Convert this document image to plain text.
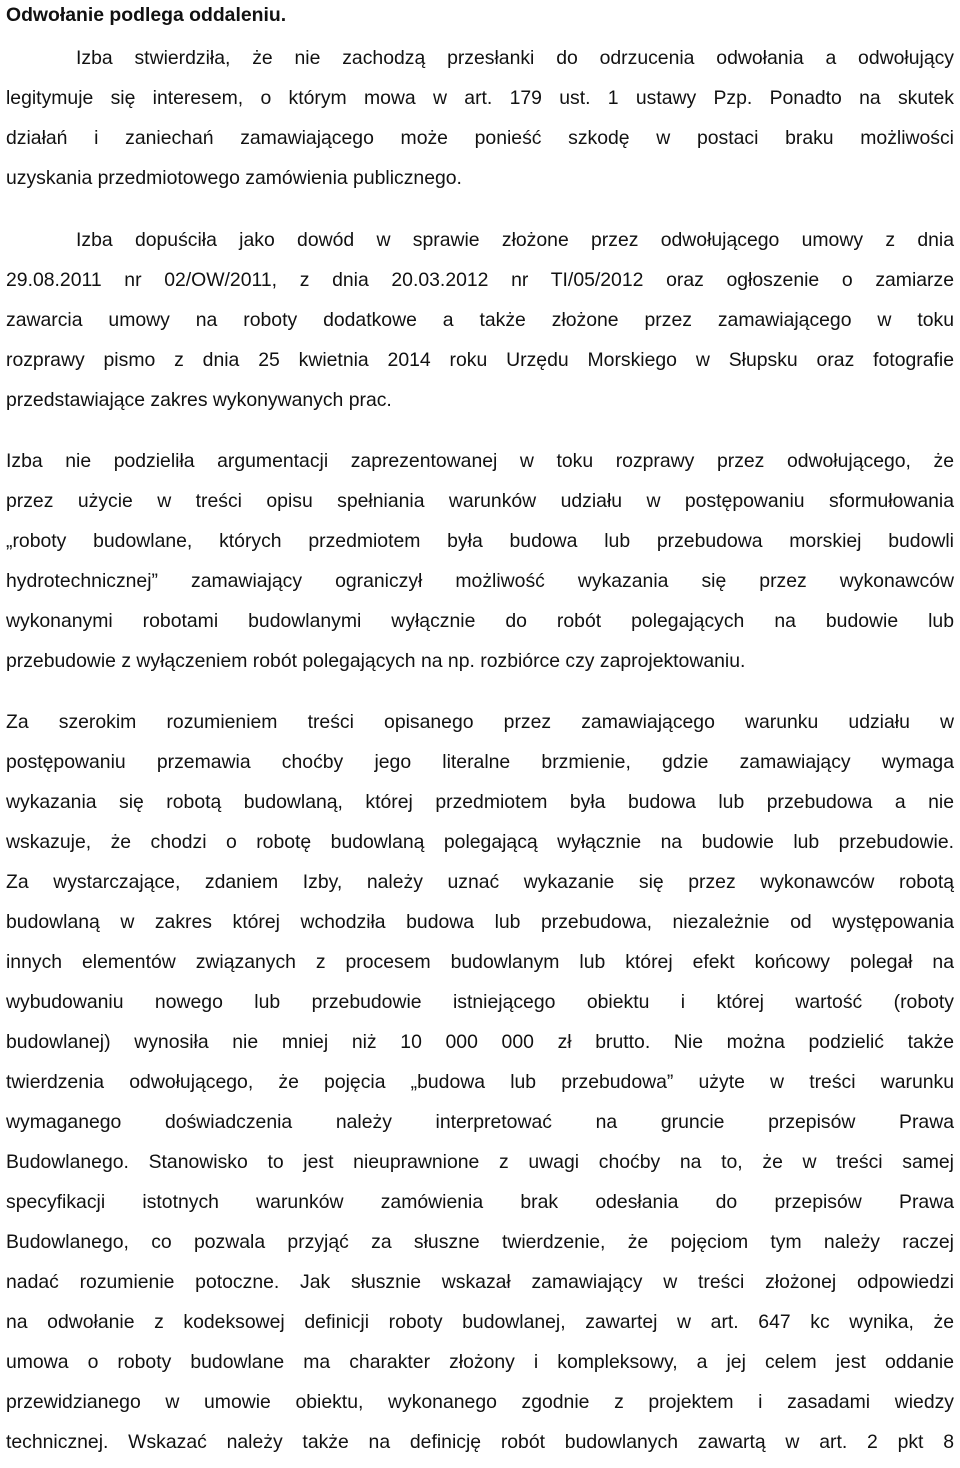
Odwołanie podlega oddaleniu.
Izba stwierdziła, że nie zachodzą przesłanki do odrzucenia odwołania a odwołujący
legitymuje się interesem, o którym mowa w art. 179 ust. 1 ustawy Pzp. Ponadto na skutek
działań i zaniechań zamawiającego może ponieść szkodę w postaci braku możliwości
uzyskania przedmiotowego zamówienia publicznego.
Izba dopuściła jako dowód w sprawie złożone przez odwołującego umowy z dnia
29.08.2011 nr 02/OW/2011, z dnia 20.03.2012 nr TI/05/2012 oraz ogłoszenie o zamiarze
zawarcia umowy na roboty dodatkowe a także złożone przez zamawiającego w toku
rozprawy pismo z dnia 25 kwietnia 2014 roku Urzędu Morskiego w Słupsku oraz fotografie
przedstawiające zakres wykonywanych prac.
Izba nie podzieliła argumentacji zaprezentowanej w toku rozprawy przez odwołującego, że
przez użycie w treści opisu spełniania warunków udziału w postępowaniu sformułowania
„roboty budowlane, których przedmiotem była budowa lub przebudowa morskiej budowli
hydrotechnicznej” zamawiający ograniczył możliwość wykazania się przez wykonawców
wykonanymi robotami budowlanymi wyłącznie do robót polegających na budowie lub
przebudowie z wyłączeniem robót polegających na np. rozbiórce czy zaprojektowaniu.
Za szerokim rozumieniem treści opisanego przez zamawiającego warunku udziału w
postępowaniu przemawia choćby jego literalne brzmienie, gdzie zamawiający wymaga
wykazania się robotą budowlaną, której przedmiotem była budowa lub przebudowa a nie
wskazuje, że chodzi o robotę budowlaną polegającą wyłącznie na budowie lub przebudowie.
Za wystarczające, zdaniem Izby, należy uznać wykazanie się przez wykonawców robotą
budowlaną w zakres której wchodziła budowa lub przebudowa, niezależnie od występowania
innych elementów związanych z procesem budowlanym lub której efekt końcowy polegał na
wybudowaniu nowego lub przebudowie istniejącego obiektu i której wartość (roboty
budowlanej) wynosiła nie mniej niż 10 000 000 zł brutto. Nie można podzielić także
twierdzenia odwołującego, że pojęcia „budowa lub przebudowa” użyte w treści warunku
wymaganego doświadczenia należy interpretować na gruncie przepisów Prawa
Budowlanego. Stanowisko to jest nieuprawnione z uwagi choćby na to, że w treści samej
specyfikacji istotnych warunków zamówienia brak odesłania do przepisów Prawa
Budowlanego, co pozwala przyjąć za słuszne twierdzenie, że pojęciom tym należy raczej
nadać rozumienie potoczne. Jak słusznie wskazał zamawiający w treści złożonej odpowiedzi
na odwołanie z kodeksowej definicji roboty budowlanej, zawartej w art. 647 kc wynika, że
umowa o roboty budowlane ma charakter złożony i kompleksowy, a jej celem jest oddanie
przewidzianego w umowie obiektu, wykonanego zgodnie z projektem i zasadami wiedzy
technicznej. Wskazać należy także na definicję robót budowlanych zawartą w art. 2 pkt 8
